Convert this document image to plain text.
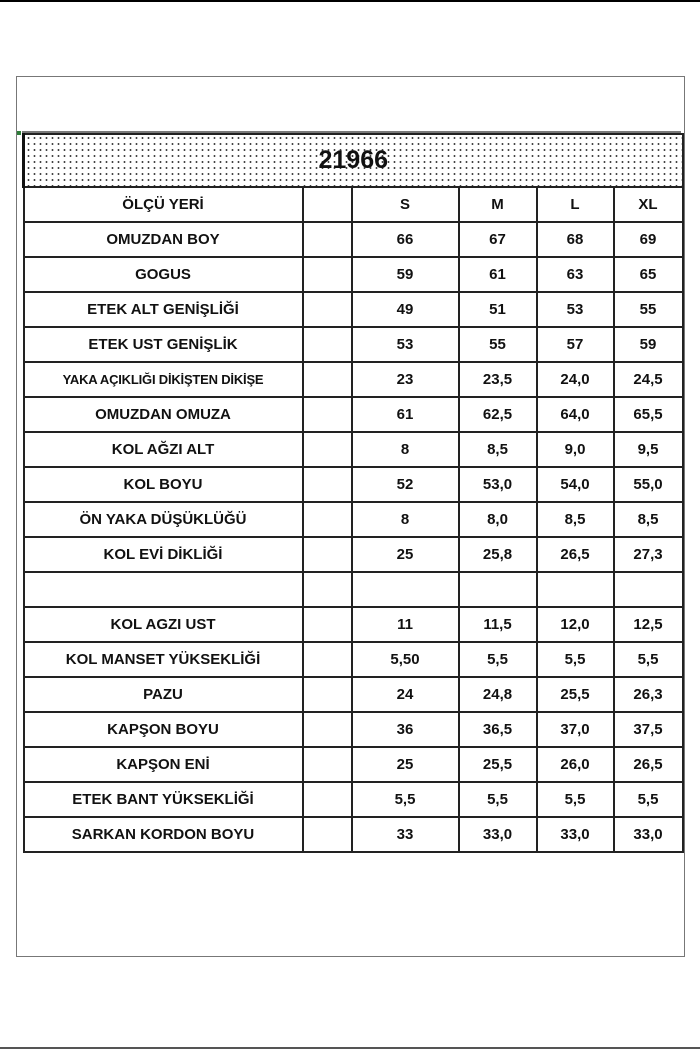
21966					
ÖLÇÜ YERİ		S	M	L	XL
OMUZDAN BOY		66	67	68	69
GOGUS		59	61	63	65
ETEK ALT GENİŞLİĞİ		49	51	53	55
ETEK UST GENİŞLİK		53	55	57	59
YAKA AÇIKLIĞI DİKİŞTEN DİKİŞE		23	23,5	24,0	24,5
OMUZDAN OMUZA		61	62,5	64,0	65,5
KOL AĞZI ALT		8	8,5	9,0	9,5
KOL BOYU		52	53,0	54,0	55,0
ÖN YAKA DÜŞÜKLÜĞÜ		8	8,0	8,5	8,5
KOL EVİ DİKLİĞİ		25	25,8	26,5	27,3

KOL AGZI UST		11	11,5	12,0	12,5
KOL MANSET YÜKSEKLİĞİ		5,50	5,5	5,5	5,5
PAZU		24	24,8	25,5	26,3
KAPŞON BOYU		36	36,5	37,0	37,5
KAPŞON ENİ		25	25,5	26,0	26,5
ETEK BANT YÜKSEKLİĞİ		5,5	5,5	5,5	5,5
SARKAN KORDON BOYU		33	33,0	33,0	33,0
